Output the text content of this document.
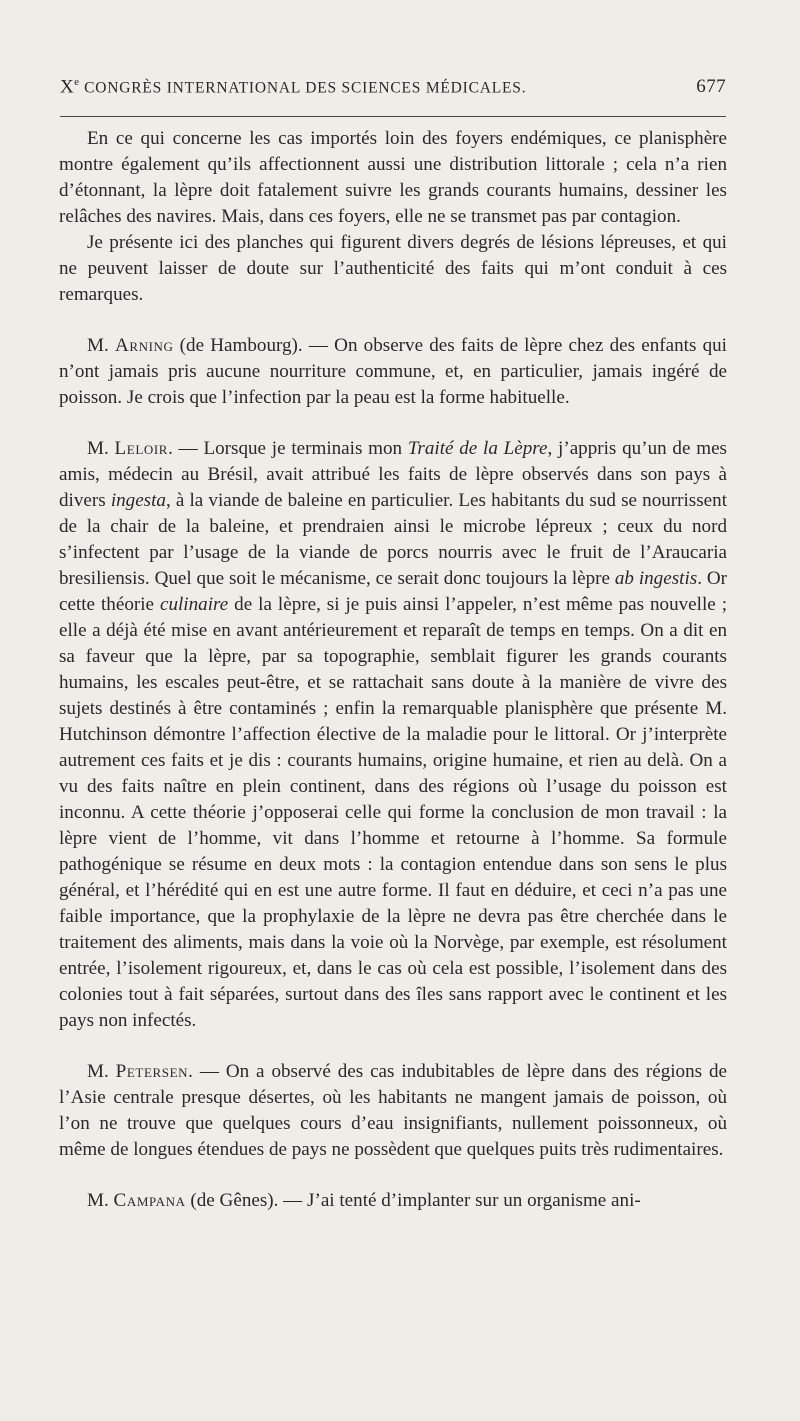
Xe CONGRÈS INTERNATIONAL DES SCIENCES MÉDICALES.	677

En ce qui concerne les cas importés loin des foyers endémiques, ce planisphère montre également qu’ils affectionnent aussi une distribution littorale ; cela n’a rien d’étonnant, la lèpre doit fatalement suivre les grands courants humains, dessiner les relâches des navires. Mais, dans ces foyers, elle ne se transmet pas par contagion.

Je présente ici des planches qui figurent divers degrés de lésions lépreuses, et qui ne peuvent laisser de doute sur l’authenticité des faits qui m’ont conduit à ces remarques.

M. Arning (de Hambourg). — On observe des faits de lèpre chez des enfants qui n’ont jamais pris aucune nourriture commune, et, en particulier, jamais ingéré de poisson. Je crois que l’infection par la peau est la forme habituelle.

M. Leloir. — Lorsque je terminais mon Traité de la Lèpre, j’appris qu’un de mes amis, médecin au Brésil, avait attribué les faits de lèpre observés dans son pays à divers ingesta, à la viande de baleine en particulier. Les habitants du sud se nourrissent de la chair de la baleine, et prendraien ainsi le microbe lépreux ; ceux du nord s’infectent par l’usage de la viande de porcs nourris avec le fruit de l’Araucaria bresiliensis. Quel que soit le mécanisme, ce serait donc toujours la lèpre ab ingestis. Or cette théorie culinaire de la lèpre, si je puis ainsi l’appeler, n’est même pas nouvelle ; elle a déjà été mise en avant antérieurement et reparaît de temps en temps. On a dit en sa faveur que la lèpre, par sa topographie, semblait figurer les grands courants humains, les escales peut-être, et se rattachait sans doute à la manière de vivre des sujets destinés à être contaminés ; enfin la remarquable planisphère que présente M. Hutchinson démontre l’affection élective de la maladie pour le littoral. Or j’interprète autrement ces faits et je dis : courants humains, origine humaine, et rien au delà. On a vu des faits naître en plein continent, dans des régions où l’usage du poisson est inconnu. A cette théorie j’opposerai celle qui forme la conclusion de mon travail : la lèpre vient de l’homme, vit dans l’homme et retourne à l’homme. Sa formule pathogénique se résume en deux mots : la contagion entendue dans son sens le plus général, et l’hérédité qui en est une autre forme. Il faut en déduire, et ceci n’a pas une faible importance, que la prophylaxie de la lèpre ne devra pas être cherchée dans le traitement des aliments, mais dans la voie où la Norvège, par exemple, est résolument entrée, l’isolement rigoureux, et, dans le cas où cela est possible, l’isolement dans des colonies tout à fait séparées, surtout dans des îles sans rapport avec le continent et les pays non infectés.

M. Petersen. — On a observé des cas indubitables de lèpre dans des régions de l’Asie centrale presque désertes, où les habitants ne mangent jamais de poisson, où l’on ne trouve que quelques cours d’eau insignifiants, nullement poissonneux, où même de longues étendues de pays ne possèdent que quelques puits très rudimentaires.

M. Campana (de Gênes). — J’ai tenté d’implanter sur un organisme ani-
